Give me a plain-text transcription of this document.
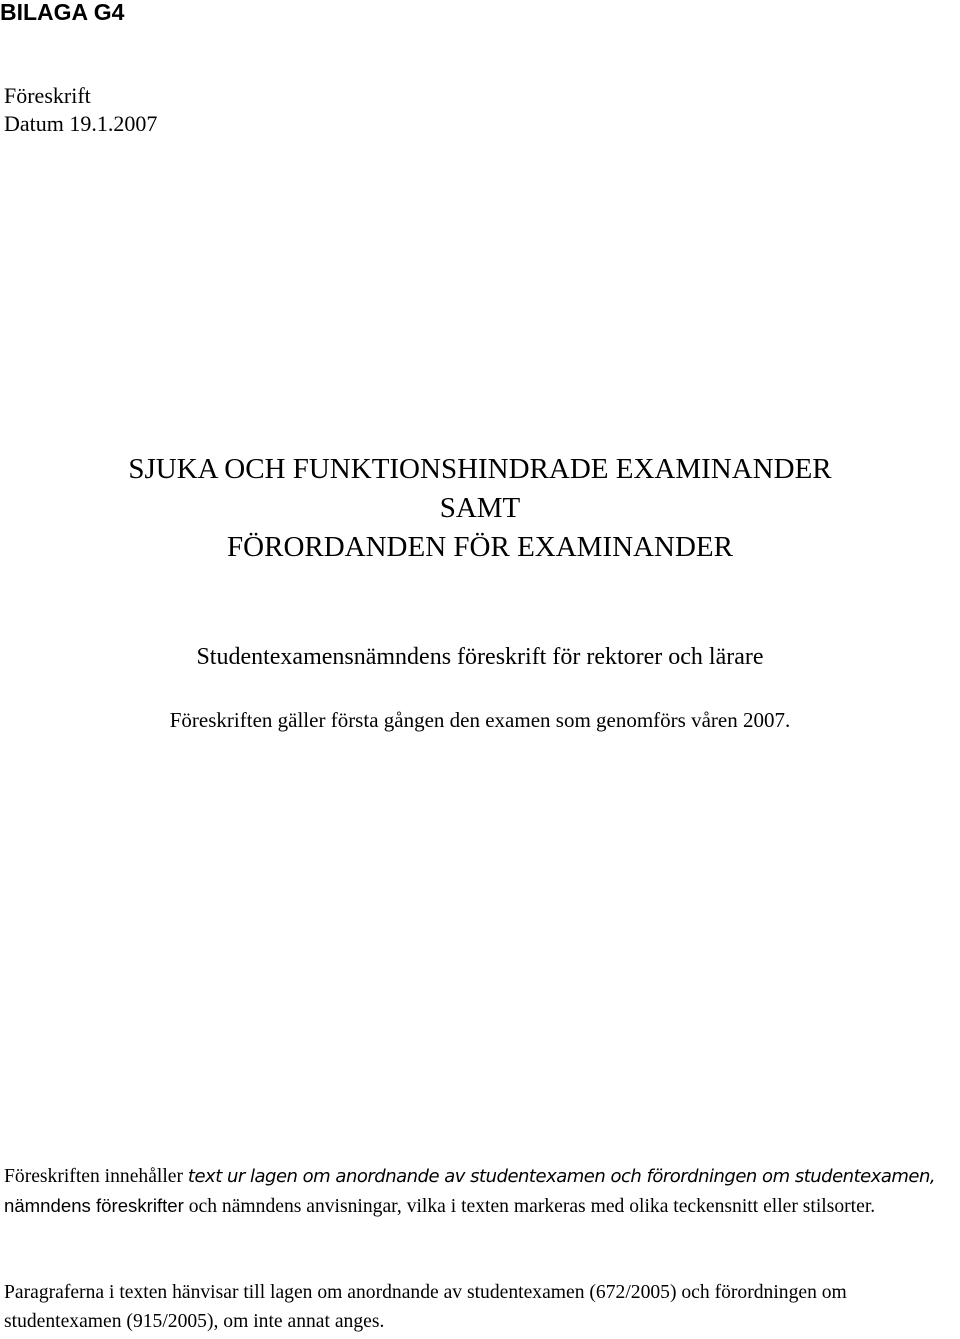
BILAGA G4
Föreskrift
Datum 19.1.2007
SJUKA OCH FUNKTIONSHINDRADE EXAMINANDER
SAMT
FÖRORDANDEN FÖR EXAMINANDER
Studentexamensnämndens föreskrift för rektorer och lärare
Föreskriften gäller första gången den examen som genomförs våren 2007.
Föreskriften innehåller text ur lagen om anordnande av studentexamen och förordningen om studentexamen, nämndens föreskrifter och nämndens anvisningar, vilka i texten markeras med olika teckensnitt eller stilsorter.
Paragraferna i texten hänvisar till lagen om anordnande av studentexamen (672/2005) och förordningen om studentexamen (915/2005), om inte annat anges.
